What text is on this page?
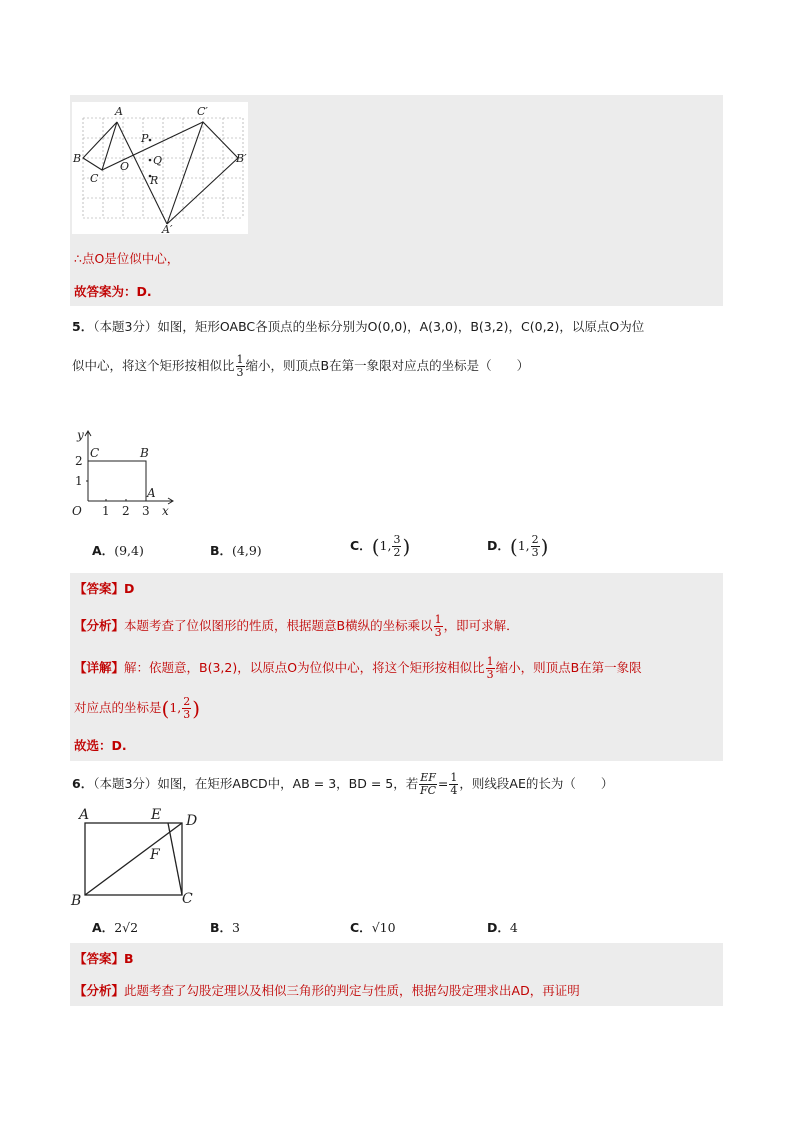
A	C′
B	B′
C
O
P
Q
R
A′
∴点O是位似中心，
故答案为：D.
5．（本题3分）如图，矩形OABC各顶点的坐标分别为O(0,0)，A(3,0)，B(3,2)，C(0,2)，以原点O为位
似中心，将这个矩形按相似比 $\frac{1}{3}$ 缩小，则顶点B在第一象限对应点的坐标是（　　）
y
x
O
C	B
A
1 2 3
1
2
A．(9,4)	B．(4,9)	C．(1, $\frac{3}{2}$ )	D．(1, $\frac{2}{3}$ )
【答案】D
【分析】本题考查了位似图形的性质，根据题意B横纵的坐标乘以 $\frac{1}{3}$ ，即可求解．
【详解】解：依题意，B(3,2)，以原点O为位似中心，将这个矩形按相似比 $\frac{1}{3}$ 缩小，则顶点B在第一象限
对应点的坐标是(1, $\frac{2}{3}$ )
故选：D.
6．（本题3分）如图，在矩形ABCD中，AB = 3，BD = 5，若 $\frac{EF}{FC} = \frac{1}{4}$ ，则线段AE的长为（　　）
A	E D
F
B	C
A．2√2	B．3	C．√10	D．4
【答案】B
【分析】此题考查了勾股定理以及相似三角形的判定与性质，根据勾股定理求出AD，再证明
